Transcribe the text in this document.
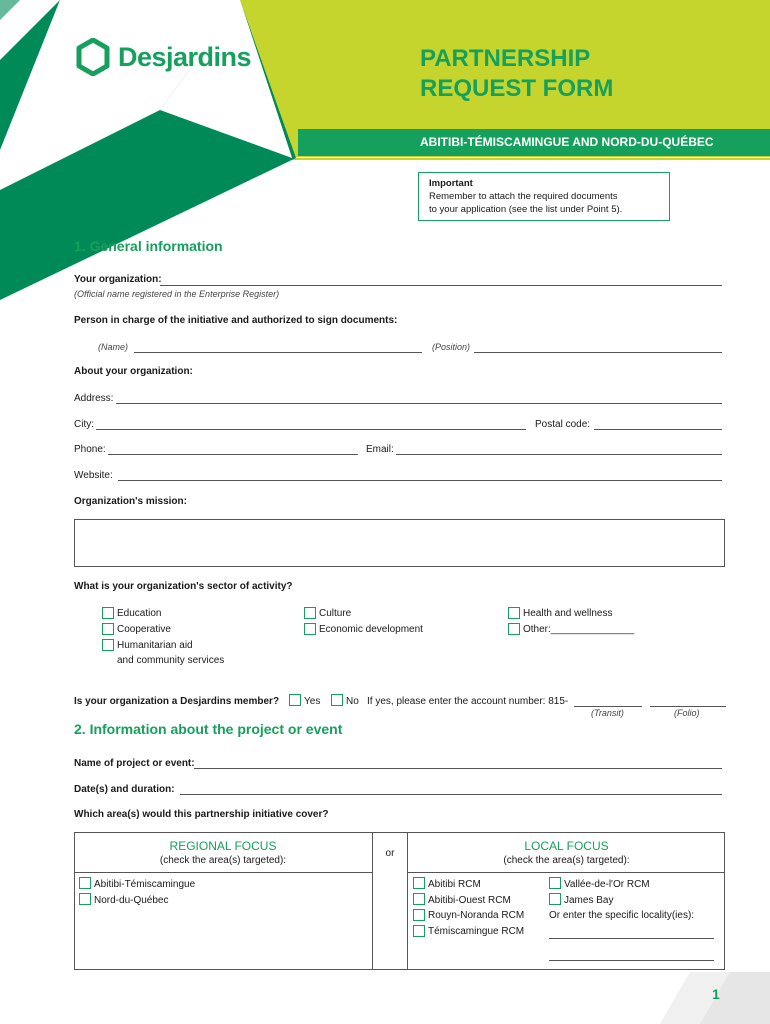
Desjardins	PARTNERSHIP
REQUEST FORM
ABITIBI-TÉMISCAMINGUE AND NORD-DU-QUÉBEC
Important
Remember to attach the required documents
to your application (see the list under Point 5).
1. General information
Your organization:
(Official name registered in the Enterprise Register)
Person in charge of the initiative and authorized to sign documents:
(Name)	(Position)
About your organization:
Address:
City:	Postal code:
Phone:	Email:
Website:
Organization's mission:
What is your organization's sector of activity?
Education
Cooperative
Humanitarian aid
and community services
Culture
Economic development
Health and wellness
Other:_______________
Is your organization a Desjardins member? Yes	No If yes, please enter the account number: 815-
(Transit)	(Folio)
2. Information about the project or event
Name of project or event:
Date(s) and duration:
Which area(s) would this partnership initiative cover?
REGIONAL FOCUS
(check the area(s) targeted):
or
LOCAL FOCUS
(check the area(s) targeted):
Abitibi-Témiscamingue
Nord-du-Québec
Abitibi RCM
Abitibi-Ouest RCM
Rouyn-Noranda RCM
Témiscamingue RCM
Vallée-de-l'Or RCM
James Bay
Or enter the specific locality(ies):
1
